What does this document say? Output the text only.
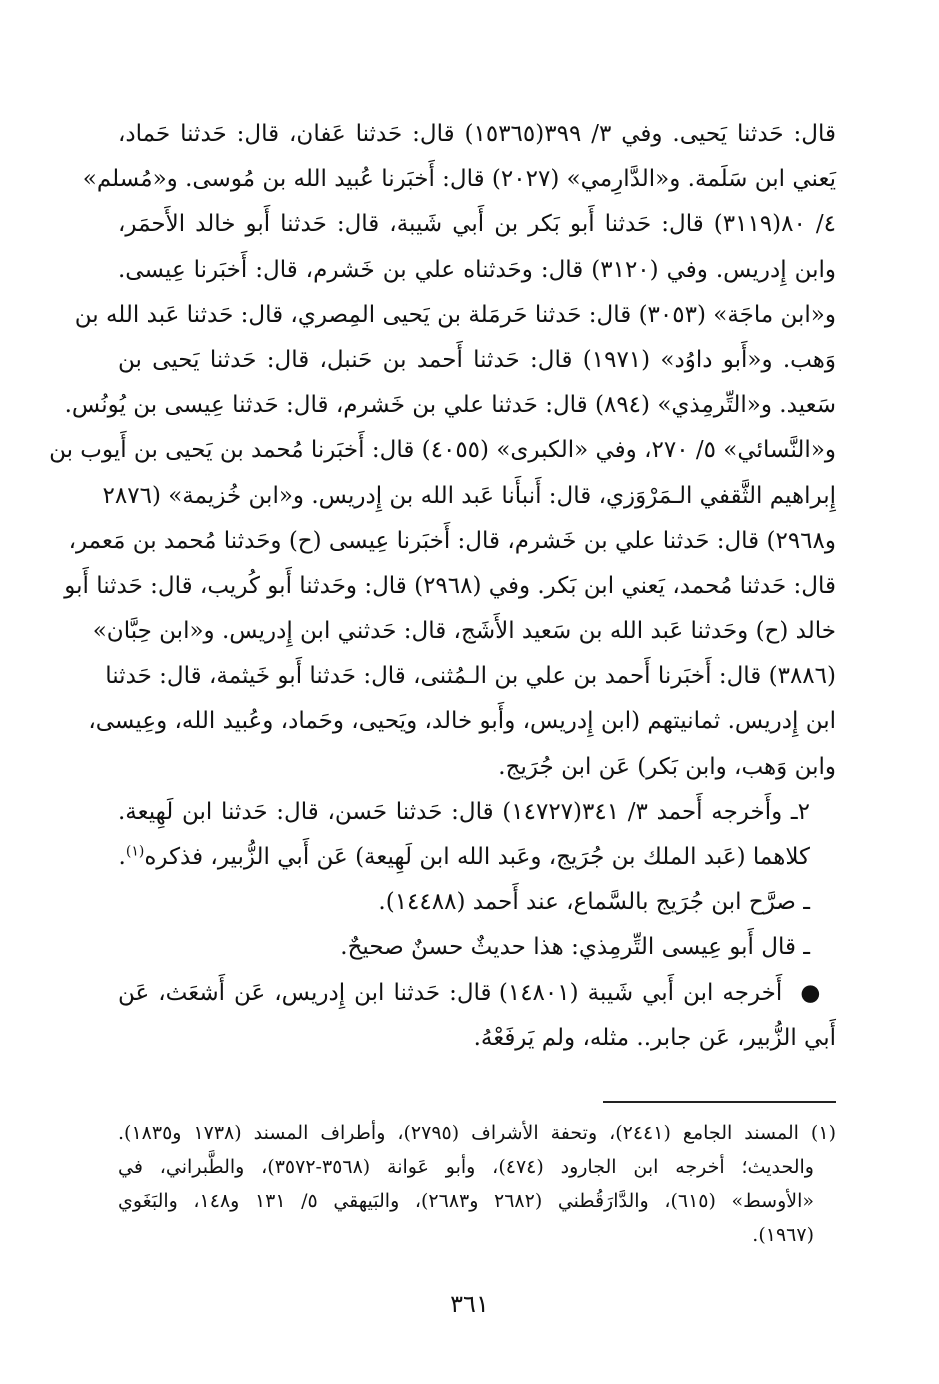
قال: حَدثنا يَحيى. وفي ٣/ ٣٩٩(١٥٣٦٥) قال: حَدثنا عَفان، قال: حَدثنا حَماد،
يَعني ابن سَلَمة. و«الدَّارِمي» (٢٠٢٧) قال: أَخبَرنا عُبيد الله بن مُوسى. و«مُسلم»
٤/ ٨٠(٣١١٩) قال: حَدثنا أَبو بَكر بن أَبي شَيبة، قال: حَدثنا أَبو خالد الأَحمَر،
وابن إِدريس. وفي (٣١٢٠) قال: وحَدثناه علي بن خَشرم، قال: أَخبَرنا عِيسى.
و«ابن ماجَة» (٣٠٥٣) قال: حَدثنا حَرمَلة بن يَحيى المِصري، قال: حَدثنا عَبد الله بن
وَهب. و«أَبو داوُد» (١٩٧١) قال: حَدثنا أَحمد بن حَنبل، قال: حَدثنا يَحيى بن
سَعيد. و«التِّرمِذي» (٨٩٤) قال: حَدثنا علي بن خَشرم، قال: حَدثنا عِيسى بن يُونُس.
و«النَّسائي» ٥/ ٢٧٠، وفي «الكبرى» (٤٠٥٥) قال: أَخبَرنا مُحمد بن يَحيى بن أَيوب بن
إِبراهيم الثَّقفي الـمَرْوَزي، قال: أَنبأَنا عَبد الله بن إِدريس. و«ابن خُزيمة» (٢٨٧٦
و٢٩٦٨) قال: حَدثنا علي بن خَشرم، قال: أَخبَرنا عِيسى (ح) وحَدثنا مُحمد بن مَعمر،
قال: حَدثنا مُحمد، يَعني ابن بَكر. وفي (٢٩٦٨) قال: وحَدثنا أَبو كُريب، قال: حَدثنا أَبو
خالد (ح) وحَدثنا عَبد الله بن سَعيد الأَشَج، قال: حَدثني ابن إِدريس. و«ابن حِبَّان»
(٣٨٨٦) قال: أَخبَرنا أَحمد بن علي بن الـمُثنى، قال: حَدثنا أَبو خَيثمة، قال: حَدثنا
ابن إِدريس. ثمانيتهم (ابن إِدريس، وأَبو خالد، ويَحيى، وحَماد، وعُبيد الله، وعِيسى،
وابن وَهب، وابن بَكر) عَن ابن جُرَيج.
٢ـ وأَخرجه أَحمد ٣/ ٣٤١(١٤٧٢٧) قال: حَدثنا حَسن، قال: حَدثنا ابن لَهِيعة.
كلاهما (عَبد الملك بن جُرَيج، وعَبد الله ابن لَهِيعة) عَن أَبي الزُّبير، فذكره$^{(١)}$.
ـ صرَّح ابن جُرَيج بالسَّماع، عند أَحمد (١٤٤٨٨).
ـ قال أَبو عِيسى التِّرمِذي: هذا حديثٌ حسنٌ صحيحٌ.
●  أَخرجه ابن أَبي شَيبة (١٤٨٠١) قال: حَدثنا ابن إِدريس، عَن أَشعَث، عَن
أَبي الزُّبير، عَن جابر.. مثله، ولم يَرفَعْهُ.
(١) المسند الجامع (٢٤٤١)، وتحفة الأشراف (٢٧٩٥)، وأطراف المسند (١٧٣٨ و١٨٣٥).
والحديث؛ أخرجه ابن الجارود (٤٧٤)، وأبو عَوانة (٣٥٦٨-٣٥٧٢)، والطَّبراني، في
«الأوسط» (٦١٥)، والدَّارَقُطني (٢٦٨٢ و٢٦٨٣)، والبَيهقي ٥/ ١٣١ و١٤٨، والبَغَوي
(١٩٦٧).
٣٦١
